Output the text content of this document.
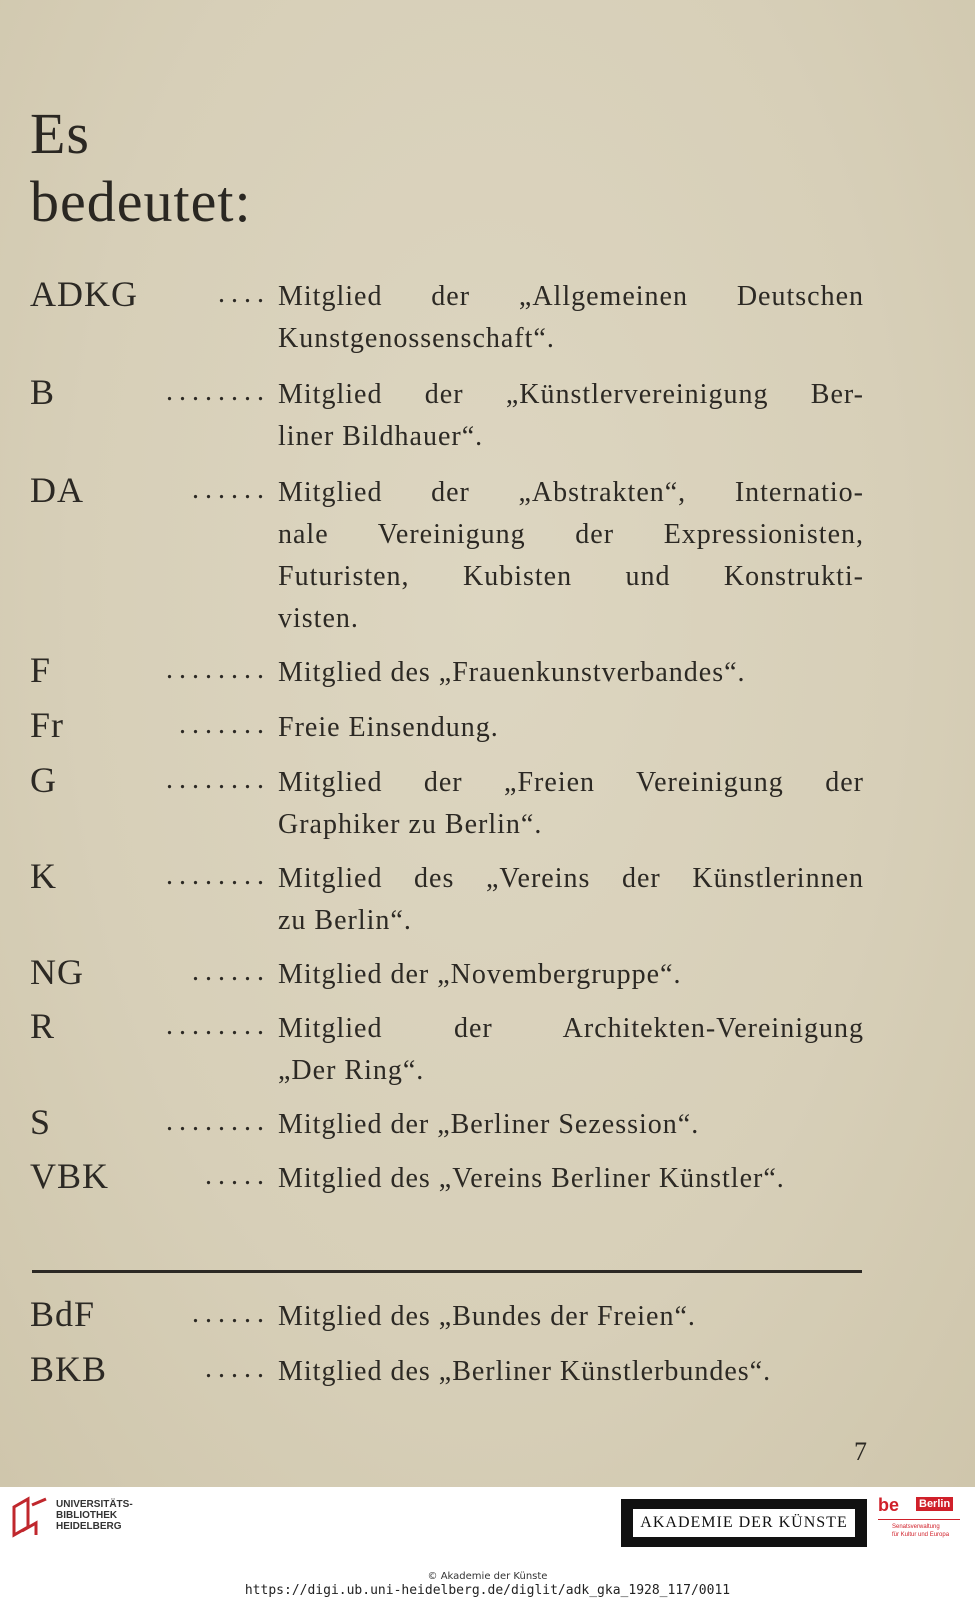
Es
bedeutet:
ADKG	.... Mitglied der „Allgemeinen Deutschen
Kunstgenossenschaft“.
B	........ Mitglied der „Künstlervereinigung Ber-
liner Bildhauer“.
DA	...... Mitglied der „Abstrakten“, Internatio-
nale Vereinigung der Expressionisten,
Futuristen, Kubisten und Konstrukti-
visten.
F	........ Mitglied des „Frauenkunstverbandes“.
Fr	....... Freie Einsendung.
G	........ Mitglied der „Freien Vereinigung der
Graphiker zu Berlin“.
K	........ Mitglied des „Vereins der Künstlerinnen
zu Berlin“.
NG	...... Mitglied der „Novembergruppe“.
R	........ Mitglied der Architekten-Vereinigung
„Der Ring“.
S	........ Mitglied der „Berliner Sezession“.
VBK	..... Mitglied des „Vereins Berliner Künstler“.
BdF	...... Mitglied des „Bundes der Freien“.
BKB	..... Mitglied des „Berliner Künstlerbundes“.
7
UNIVERSITÄTS-
BIBLIOTHEK
HEIDELBERG	AKADEMIE DER KÜNSTE
be Berlin
Senatsverwaltung
für Kultur und Europa
© Akademie der Künste
https://digi.ub.uni-heidelberg.de/diglit/adk_gka_1928_117/0011
